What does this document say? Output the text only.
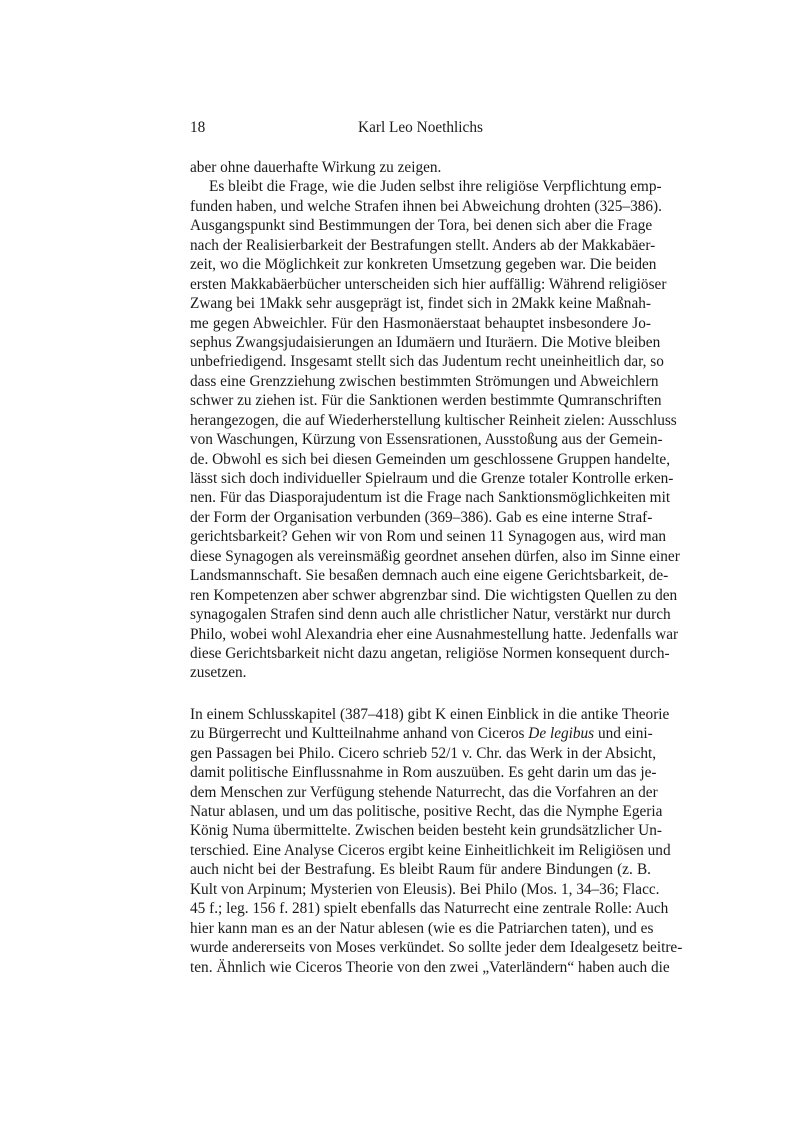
18	Karl Leo Noethlichs
aber ohne dauerhafte Wirkung zu zeigen.
Es bleibt die Frage, wie die Juden selbst ihre religiöse Verpflichtung emp-
funden haben, und welche Strafen ihnen bei Abweichung drohten (325–386).
Ausgangspunkt sind Bestimmungen der Tora, bei denen sich aber die Frage
nach der Realisierbarkeit der Bestrafungen stellt. Anders ab der Makkabäer-
zeit, wo die Möglichkeit zur konkreten Umsetzung gegeben war. Die beiden
ersten Makkabäerbücher unterscheiden sich hier auffällig: Während religiöser
Zwang bei 1Makk sehr ausgeprägt ist, findet sich in 2Makk keine Maßnah-
me gegen Abweichler. Für den Hasmonäerstaat behauptet insbesondere Jo-
sephus Zwangsjudaisierungen an Idumäern und Ituräern. Die Motive bleiben
unbefriedigend. Insgesamt stellt sich das Judentum recht uneinheitlich dar, so
dass eine Grenzziehung zwischen bestimmten Strömungen und Abweichlern
schwer zu ziehen ist. Für die Sanktionen werden bestimmte Qumranschriften
herangezogen, die auf Wiederherstellung kultischer Reinheit zielen: Ausschluss
von Waschungen, Kürzung von Essensrationen, Ausstoßung aus der Gemein-
de. Obwohl es sich bei diesen Gemeinden um geschlossene Gruppen handelte,
lässt sich doch individueller Spielraum und die Grenze totaler Kontrolle erken-
nen. Für das Diasporajudentum ist die Frage nach Sanktionsmöglichkeiten mit
der Form der Organisation verbunden (369–386). Gab es eine interne Straf-
gerichtsbarkeit? Gehen wir von Rom und seinen 11 Synagogen aus, wird man
diese Synagogen als vereinsmäßig geordnet ansehen dürfen, also im Sinne einer
Landsmannschaft. Sie besaßen demnach auch eine eigene Gerichtsbarkeit, de-
ren Kompetenzen aber schwer abgrenzbar sind. Die wichtigsten Quellen zu den
synagogalen Strafen sind denn auch alle christlicher Natur, verstärkt nur durch
Philo, wobei wohl Alexandria eher eine Ausnahmestellung hatte. Jedenfalls war
diese Gerichtsbarkeit nicht dazu angetan, religiöse Normen konsequent durch-
zusetzen.
In einem Schlusskapitel (387–418) gibt K einen Einblick in die antike Theorie
zu Bürgerrecht und Kultteilnahme anhand von Ciceros De legibus und eini-
gen Passagen bei Philo. Cicero schrieb 52/1 v. Chr. das Werk in der Absicht,
damit politische Einflussnahme in Rom auszuüben. Es geht darin um das je-
dem Menschen zur Verfügung stehende Naturrecht, das die Vorfahren an der
Natur ablasen, und um das politische, positive Recht, das die Nymphe Egeria
König Numa übermittelte. Zwischen beiden besteht kein grundsätzlicher Un-
terschied. Eine Analyse Ciceros ergibt keine Einheitlichkeit im Religiösen und
auch nicht bei der Bestrafung. Es bleibt Raum für andere Bindungen (z. B.
Kult von Arpinum; Mysterien von Eleusis). Bei Philo (Mos. 1, 34–36; Flacc.
45 f.; leg. 156 f. 281) spielt ebenfalls das Naturrecht eine zentrale Rolle: Auch
hier kann man es an der Natur ablesen (wie es die Patriarchen taten), und es
wurde andererseits von Moses verkündet. So sollte jeder dem Idealgesetz beitre-
ten. Ähnlich wie Ciceros Theorie von den zwei „Vaterländern“ haben auch die
